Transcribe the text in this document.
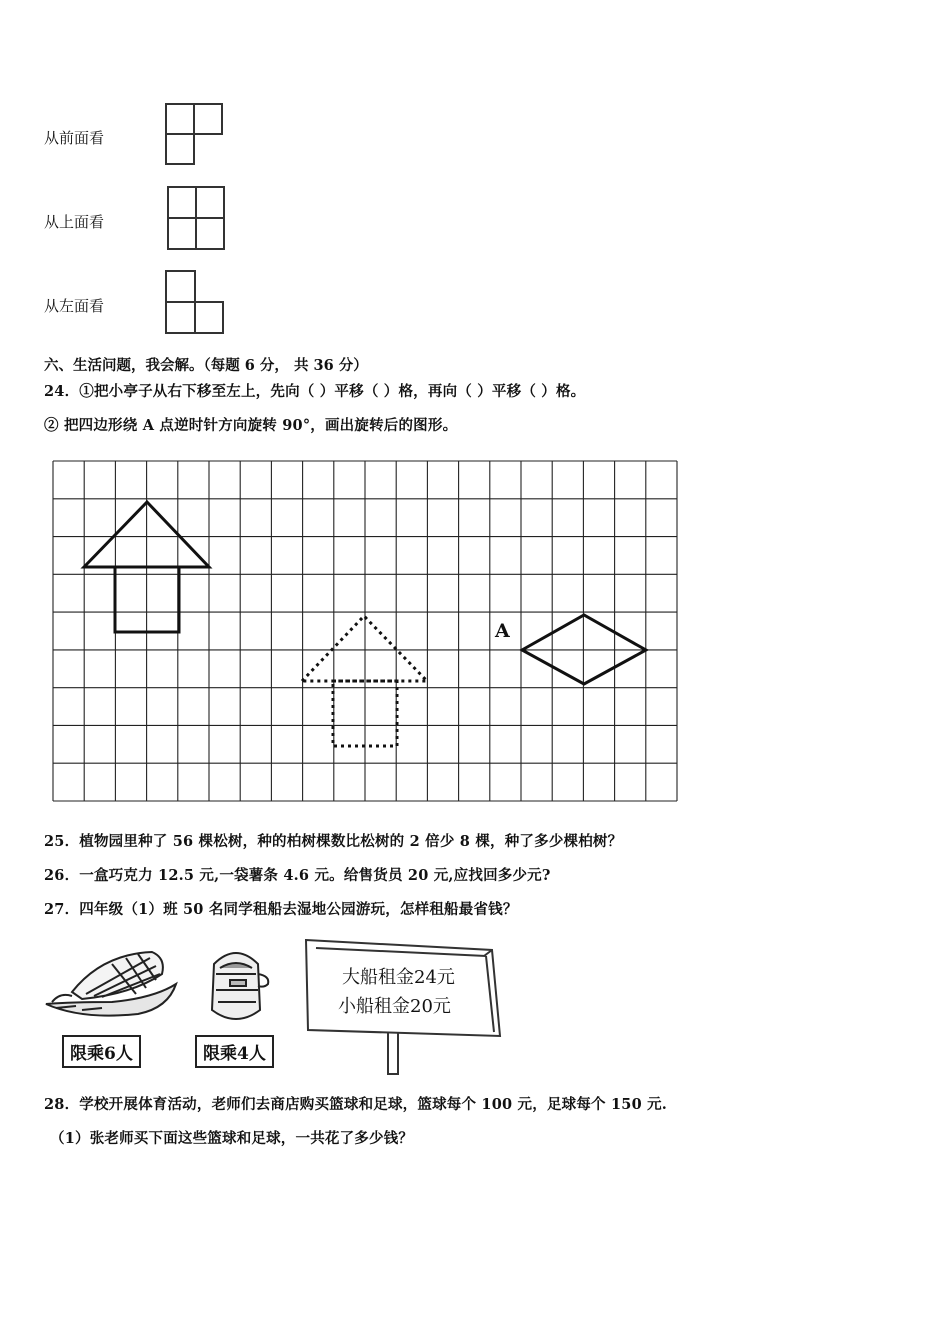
从前面看
从上面看
从左面看
六、生活问题，我会解。（每题 6 分， 共 36 分）
24．①把小亭子从右下移至左上，先向（ ）平移（ ）格，再向（ ）平移（ ）格。
② 把四边形绕 A 点逆时针方向旋转 90°，画出旋转后的图形。
A
25．植物园里种了 56 棵松树，种的柏树棵数比松树的 2 倍少 8 棵，种了多少棵柏树？
26．一盒巧克力 12.5 元,一袋薯条 4.6 元。给售货员 20 元,应找回多少元?
27．四年级（1）班 50 名同学租船去湿地公园游玩，怎样租船最省钱？
限乘6人	限乘4人
大船租金24元
小船租金20元
28．学校开展体育活动，老师们去商店购买篮球和足球，篮球每个 100 元，足球每个 150 元.
（1）张老师买下面这些篮球和足球，一共花了多少钱？
